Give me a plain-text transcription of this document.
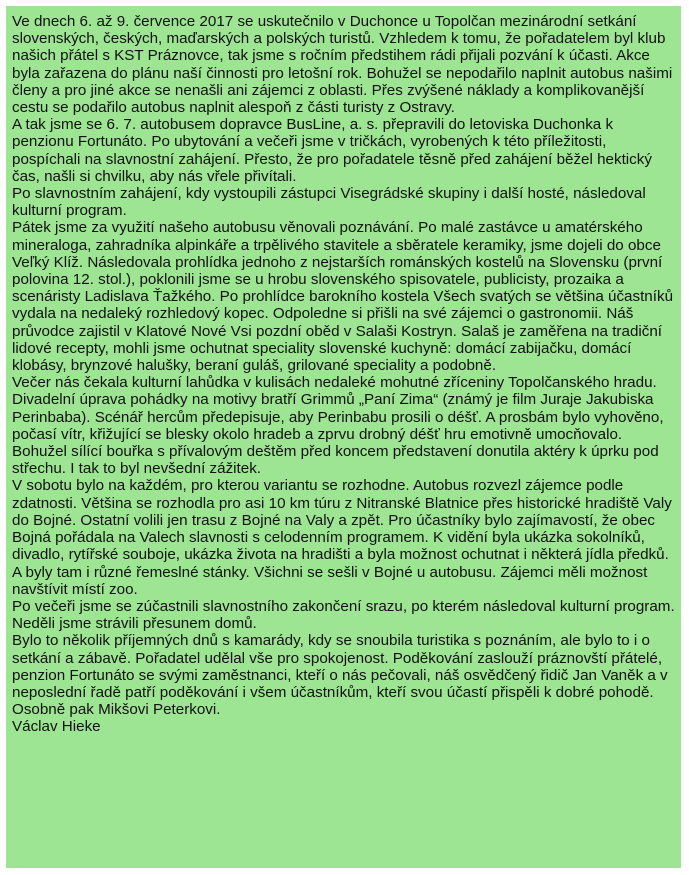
Ve dnech 6. až 9. července 2017 se uskutečnilo v Duchonce u Topolčan mezinárodní setkání slovenských, českých, maďarských a polských turistů. Vzhledem k tomu, že pořadatelem byl klub našich přátel s KST Práznovce, tak jsme s ročním předstihem rádi přijali pozvání k účasti. Akce byla zařazena do plánu naší činnosti pro letošní rok. Bohužel se nepodařilo naplnit autobus našimi členy a pro jiné akce se nenašli ani zájemci z oblasti. Přes zvýšené náklady a komplikovanější cestu se podařilo autobus naplnit alespoň z části turisty z Ostravy.

A tak jsme se 6. 7. autobusem dopravce BusLine, a. s. přepravili do letoviska Duchonka k penzionu Fortunáto. Po ubytování a večeři jsme v tričkách, vyrobených k této příležitosti, pospíchali na slavnostní zahájení. Přesto, že pro pořadatele těsně před zahájení běžel hektický čas, našli si chvilku, aby nás vřele přivítali.

Po slavnostním zahájení, kdy vystoupili zástupci Visegrádské skupiny i další hosté, následoval kulturní program.

Pátek jsme za využití našeho autobusu věnovali poznávání. Po malé zastávce u amatérského mineraloga, zahradníka alpinkáře a trpělivého stavitele a sběratele keramiky, jsme dojeli do obce Veľký Klíž. Následovala prohlídka jednoho z nejstarších románských kostelů na Slovensku (první polovina 12. stol.), poklonili jsme se u hrobu slovenského spisovatele, publicisty, prozaika a scenáristy Ladislava Ťažkého. Po prohlídce barokního kostela Všech svatých se většina účastníků vydala na nedaleký rozhledový kopec. Odpoledne si přišli na své zájemci o gastronomii. Náš průvodce zajistil v Klatové Nové Vsi pozdní oběd v Salaši Kostryn. Salaš je zaměřena na tradiční lidové recepty, mohli jsme ochutnat speciality slovenské kuchyně: domácí zabijačku, domácí klobásy, brynzové halušky, beraní guláš, grilované speciality a podobně.

Večer nás čekala kulturní lahůdka v kulisách nedaleké mohutné zříceniny Topolčanského hradu. Divadelní úprava pohádky na motivy bratří Grimmů „Paní Zima“ (známý je film Juraje Jakubiska Perinbaba). Scénář hercům předepisuje, aby Perinbabu prosili o déšť. A prosbám bylo vyhověno, počasí vítr, křižující se blesky okolo hradeb a zprvu drobný déšť hru emotivně umocňovalo. Bohužel sílící bouřka s přívalovým deštěm před koncem představení donutila aktéry k úprku pod střechu. I tak to byl nevšední zážitek.

V sobotu bylo na každém, pro kterou variantu se rozhodne. Autobus rozvezl zájemce podle zdatnosti. Většina se rozhodla pro asi 10 km túru z Nitranské Blatnice přes historické hradiště Valy do Bojné. Ostatní volili jen trasu z Bojné na Valy a zpět. Pro účastníky bylo zajímavostí, že obec Bojná pořádala na Valech slavnosti s celodenním programem. K vidění byla ukázka sokolníků, divadlo, rytířské souboje, ukázka života na hradišti a byla možnost ochutnat i některá jídla předků. A byly tam i různé řemeslné stánky. Všichni se sešli v Bojné u autobusu. Zájemci měli možnost navštívit místí zoo.

Po večeři jsme se zúčastnili slavnostního zakončení srazu, po kterém následoval kulturní program.

Neděli jsme strávili přesunem domů.

Bylo to několik příjemných dnů s kamarády, kdy se snoubila turistika s poznáním, ale bylo to i o setkání a zábavě. Pořadatel udělal vše pro spokojenost. Poděkování zaslouží práznovští přátelé, penzion Fortunáto se svými zaměstnanci, kteří o nás pečovali, náš osvědčený řidič Jan Vaněk a v neposlední řadě patří poděkování i všem účastníkům, kteří svou účastí přispěli k dobré pohodě. Osobně pak Mikšovi Peterkovi.

Václav Hieke
